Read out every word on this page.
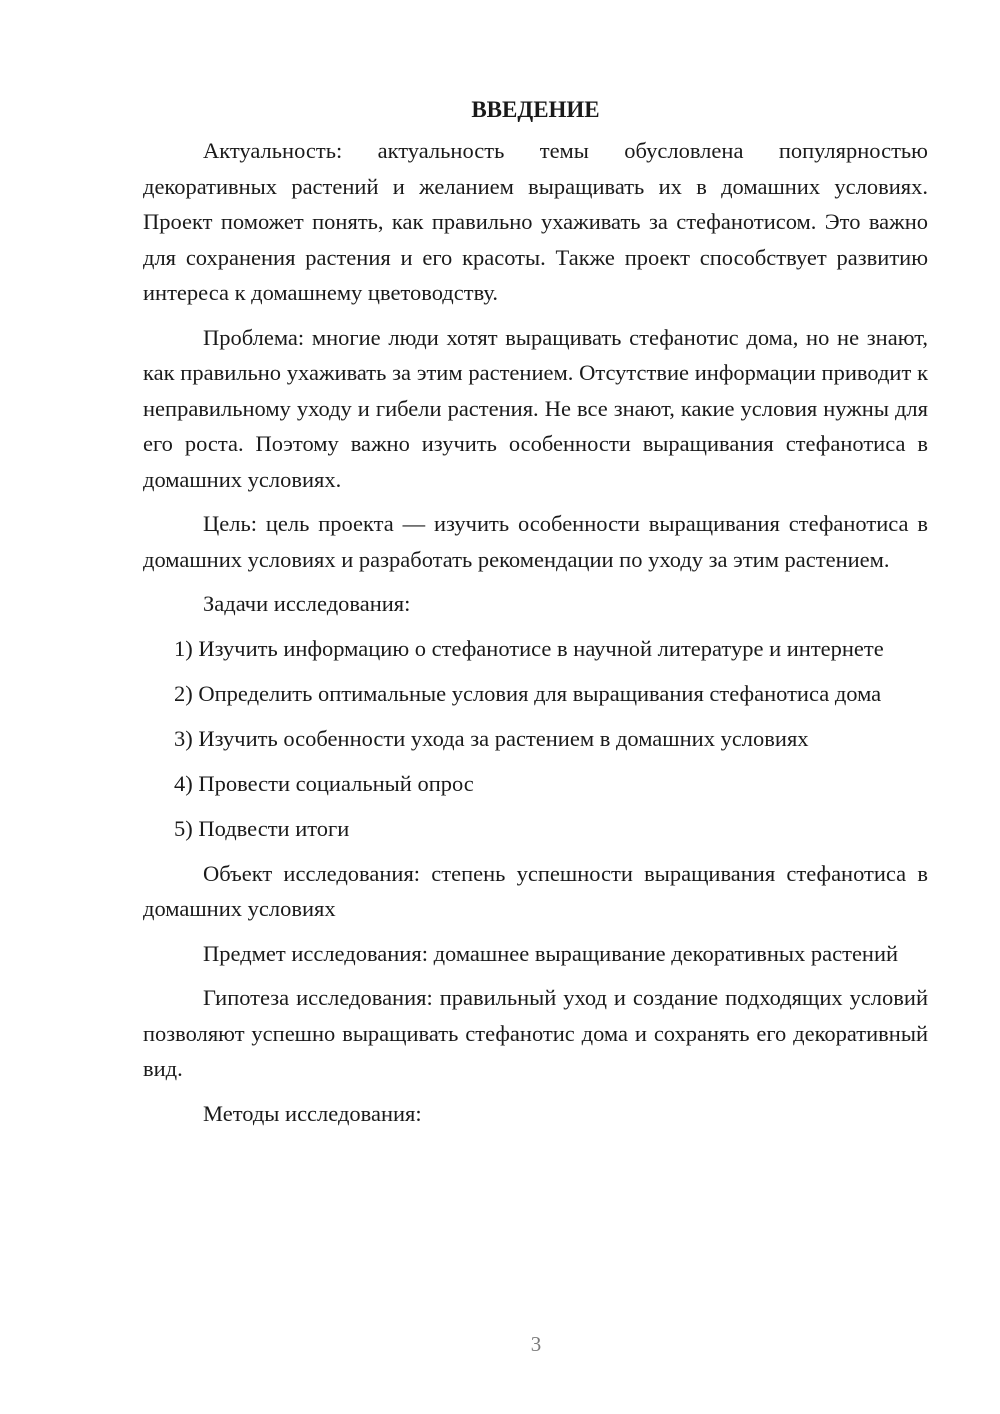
ВВЕДЕНИЕ

Актуальность: актуальность темы обусловлена популярностью декоративных растений и желанием выращивать их в домашних условиях. Проект поможет понять, как правильно ухаживать за стефанотисом. Это важно для сохранения растения и его красоты. Также проект способствует развитию интереса к домашнему цветоводству.

Проблема: многие люди хотят выращивать стефанотис дома, но не знают, как правильно ухаживать за этим растением. Отсутствие информации приводит к неправильному уходу и гибели растения. Не все знают, какие условия нужны для его роста. Поэтому важно изучить особенности выращивания стефанотиса в домашних условиях.

Цель: цель проекта — изучить особенности выращивания стефанотиса в домашних условиях и разработать рекомендации по уходу за этим растением.

Задачи исследования:

1) Изучить информацию о стефанотисе в научной литературе и интернете

2) Определить оптимальные условия для выращивания стефанотиса дома

3) Изучить особенности ухода за растением в домашних условиях

4) Провести социальный опрос

5) Подвести итоги

Объект исследования: степень успешности выращивания стефанотиса в домашних условиях

Предмет исследования: домашнее выращивание декоративных растений

Гипотеза исследования: правильный уход и создание подходящих условий позволяют успешно выращивать стефанотис дома и сохранять его декоративный вид.

Методы исследования:

3
